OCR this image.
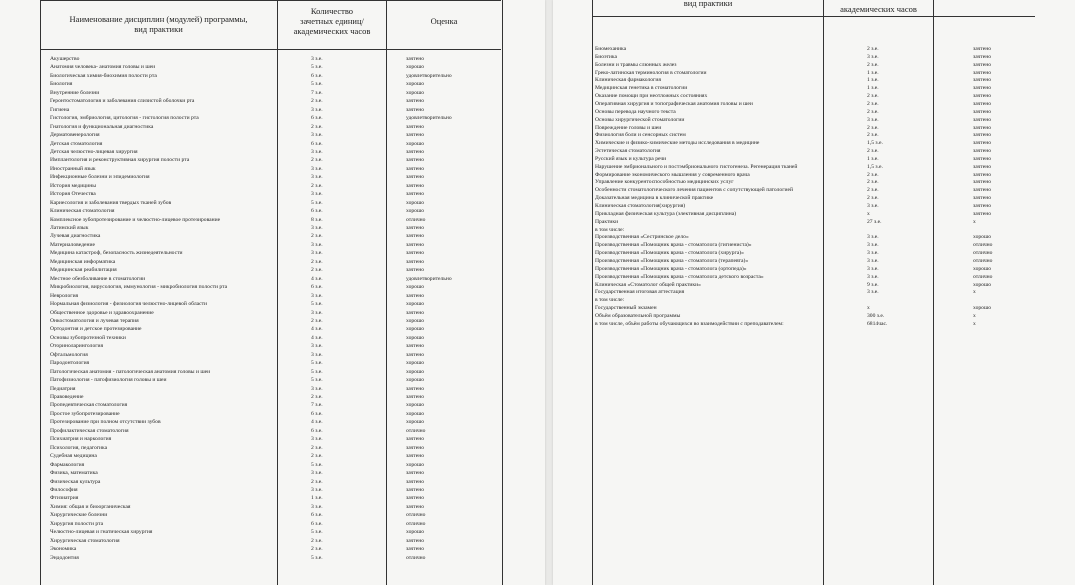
Наименование дисциплин (модулей) программы,
вид практики
Количество
зачетных единиц/
академических часов
Оценка
Акушерство	3 з.е.	зачтено
Анатомия человека- анатомия головы и шеи	5 з.е.	хорошо
Биологическая химия-биохимия полости рта	6 з.е.	удовлетворительно
Биология	5 з.е.	хорошо
Внутренние болезни	7 з.е.	хорошо
Геронтостоматология и заболевания слизистой оболочки рта	2 з.е.	зачтено
Гигиена	3 з.е.	зачтено
Гистология, эмбриология, цитология - гистология полости рта	6 з.е.	удовлетворительно
Гнатология и функциональная диагностика	2 з.е.	зачтено
Дерматовенерология	3 з.е.	зачтено
Детская стоматология	6 з.е.	хорошо
Детская челюстно-лицевая хирургия	3 з.е.	зачтено
Имплантология и реконструктивная хирургия полости рта	2 з.е.	зачтено
Иностранный язык	3 з.е.	зачтено
Инфекционные болезни и эпидемиология	3 з.е.	зачтено
История медицины	2 з.е.	зачтено
История Отечества	3 з.е.	зачтено
Кариесология и заболевания твердых тканей зубов	5 з.е.	хорошо
Клиническая стоматология	6 з.е.	хорошо
Комплексное зубопротезирование и челюстно-лицевое протезирование	8 з.е.	отлично
Латинский язык	3 з.е.	зачтено
Лучевая диагностика	2 з.е.	зачтено
Материаловедение	3 з.е.	зачтено
Медицина катастроф, безопасность жизнедеятельности	3 з.е.	зачтено
Медицинская информатика	2 з.е.	зачтено
Медицинская реабилитация	2 з.е.	зачтено
Местное обезболивание в стоматологии	4 з.е.	удовлетворительно
Микробиология, вирусология, иммунология - микробиология полости рта	6 з.е.	хорошо
Неврология	3 з.е.	зачтено
Нормальная физиология - физиология челюстно-лицевой области	5 з.е.	хорошо
Общественное здоровье и здравоохранение	3 з.е.	зачтено
Онкостоматология и лучевая терапия	2 з.е.	хорошо
Ортодонтия и детское протезирование	4 з.е.	хорошо
Основы зубопротезной техники	4 з.е.	хорошо
Оториноларингология	3 з.е.	зачтено
Офтальмология	3 з.е.	зачтено
Пародонтология	5 з.е.	хорошо
Патологическая анатомия - патологическая анатомия головы и шеи	5 з.е.	хорошо
Патофизиология - патофизиология головы и шеи	5 з.е.	хорошо
Педиатрия	3 з.е.	зачтено
Правоведение	2 з.е.	зачтено
Пропедевтическая стоматология	7 з.е.	хорошо
Простое зубопротезирование	6 з.е.	хорошо
Протезирование при полном отсутствии зубов	4 з.е.	хорошо
Профилактическая стоматология	6 з.е.	отлично
Психиатрия и наркология	3 з.е.	зачтено
Психология, педагогика	2 з.е.	зачтено
Судебная медицина	2 з.е.	зачтено
Фармакология	5 з.е.	хорошо
Физика, математика	3 з.е.	зачтено
Физическая культура	2 з.е.	зачтено
Философия	3 з.е.	зачтено
Фтизиатрия	1 з.е.	зачтено
Химия: общая и биоорганическая	3 з.е.	зачтено
Хирургические болезни	6 з.е.	отлично
Хирургия полости рта	6 з.е.	отлично
Челюстно-лицевая и гнатическая хирургия	5 з.е.	хорошо
Хирургическая стоматология	2 з.е.	зачтено
Экономика	2 з.е.	зачтено
Эндодонтия	5 з.е.	отлично
вид практики
академических часов
Биомеханика	2 з.е.	зачтено
Биоэтика	3 з.е.	зачтено
Болезни и травмы слюнных желез	2 з.е.	зачтено
Греко-латинская терминология в стоматологии	1 з.е.	зачтено
Клиническая фармакология	1 з.е.	зачтено
Медицинская генетика в стоматологии	1 з.е.	зачтено
Оказание помощи при неотложных состояниях	2 з.е.	зачтено
Оперативная хирургия и топографическая анатомия головы и шеи	2 з.е.	зачтено
Основы перевода научного текста	2 з.е.	зачтено
Основы хирургической стоматологии	3 з.е.	зачтено
Повреждение головы и шеи	2 з.е.	зачтено
Физиология боли и сенсорных систем	2 з.е.	зачтено
Химические и физико-химические методы исследования в медицине	1,5 з.е.	зачтено
Эстетическая стоматология	2 з.е.	зачтено
Русский язык и культура речи	1 з.е.	зачтено
Нарушение эмбрионального и постэмбрионального гистогенеза. Регенерация тканей	1,5 з.е.	зачтено
Формирование экономического мышления у современного врача	2 з.е.	зачтено
Управление конкурентоспособностью медицинских услуг	2 з.е.	зачтено
Особенности стоматологического лечения пациентов с сопутствующей патологией	2 з.е.	зачтено
Доказательная медицина в клинической практике	2 з.е.	зачтено
Клиническая стоматология(хирургия)	3 з.е.	зачтено
Прикладная физическая культура (элективная дисциплина)	х	зачтено
Практики	27 з.е.	х
в том числе:
Производственная «Сестринское дело»	3 з.е.	хорошо
Производственная «Помощник врача - стоматолога (гигиениста)»	3 з.е.	отлично
Производственная «Помощник врача - стоматолога (хирурга)»	3 з.е.	отлично
Производственная «Помощник врача - стоматолога (терапевта)»	3 з.е.	отлично
Производственная «Помощник врача - стоматолога (ортопеда)»	3 з.е.	хорошо
Производственная «Помощник врача - стоматолога детского возраста»	3 з.е.	отлично
Клиническая «Стоматолог общей практики»	9 з.е.	хорошо
Государственная итоговая аттестация	3 з.е.	х
в том числе:
Государственный экзамен	х	хорошо
Объём образовательной программы	300 з.е.	х
в том числе, объём работы обучающихся во взаимодействии с преподавателем:	6814час.	х
